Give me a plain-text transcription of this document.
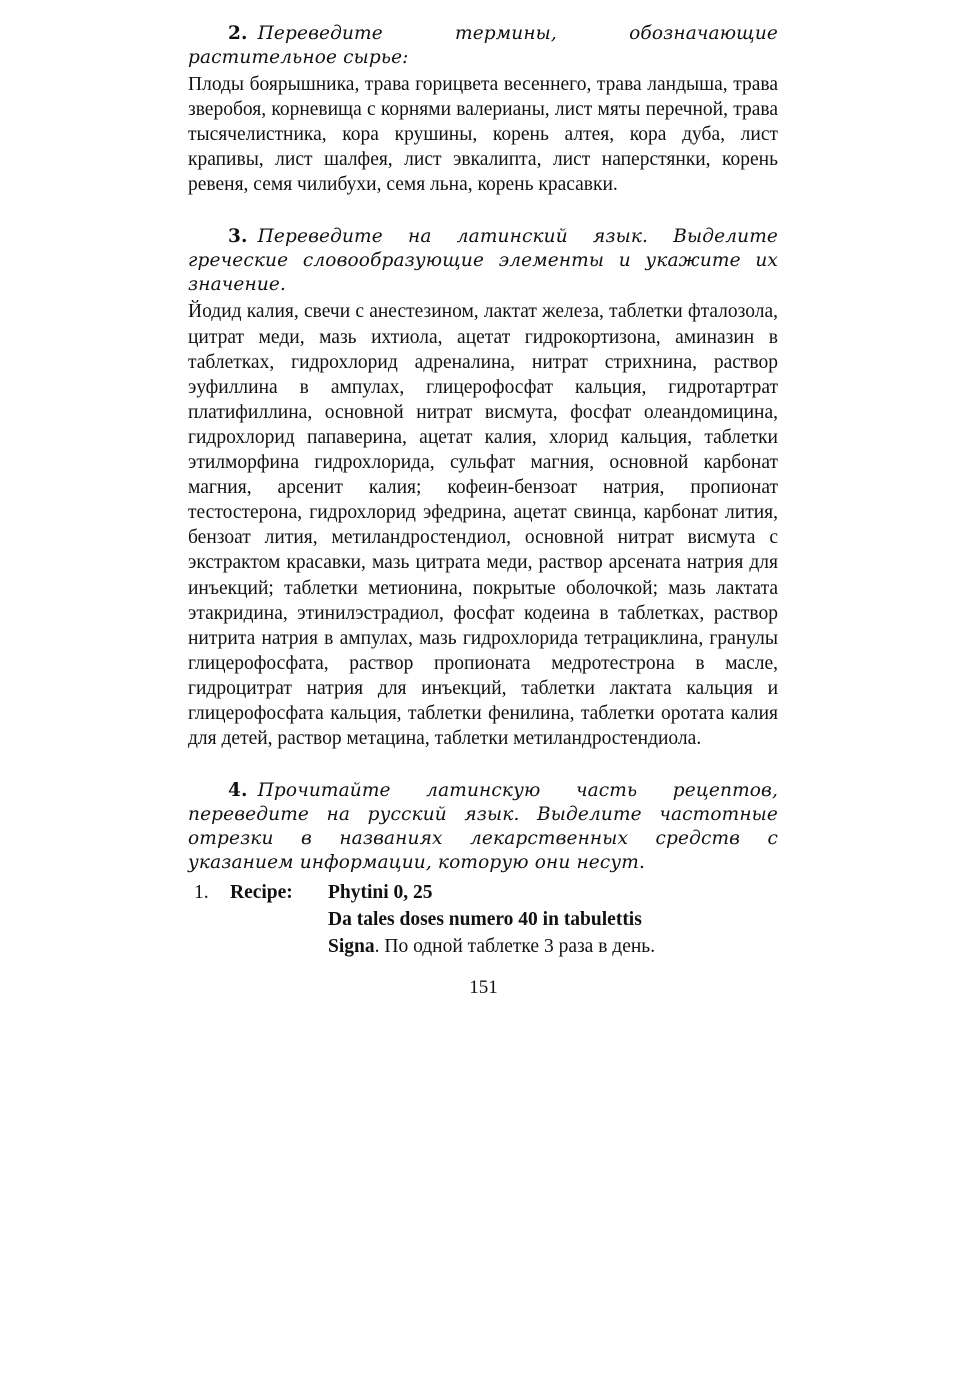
2. Переведите термины, обозначающие растительное сырье:

Плоды боярышника, трава горицвета весеннего, трава ландыша, трава зверобоя, корневища с корнями валерианы, лист мяты перечной, трава тысячелистника, кора крушины, корень алтея, кора дуба, лист крапивы, лист шалфея, лист эвкалипта, лист наперстянки, корень ревеня, семя чилибухи, семя льна, корень красавки.

3. Переведите на латинский язык. Выделите греческие словообразующие элементы и укажите их значение.

Йодид калия, свечи с анестезином, лактат железа, таблетки фталозола, цитрат меди, мазь ихтиола, ацетат гидрокортизона, аминазин в таблетках, гидрохлорид адреналина, нитрат стрихнина, раствор эуфиллина в ампулах, глицерофосфат кальция, гидротартрат платифиллина, основной нитрат висмута, фосфат олеандомицина, гидрохлорид папаверина, ацетат калия, хлорид кальция, таблетки этилморфина гидрохлорида, сульфат магния, основной карбонат магния, арсенит калия; кофеин-бензоат натрия, пропионат тестостерона, гидрохлорид эфедрина, ацетат свинца, карбонат лития, бензоат лития, метиландростендиол, основной нитрат висмута с экстрактом красавки, мазь цитрата меди, раствор арсената натрия для инъекций; таблетки метионина, покрытые оболочкой; мазь лактата этакридина, этинилэстрадиол, фосфат кодеина в таблетках, раствор нитрита натрия в ампулах, мазь гидрохлорида тетрациклина, гранулы глицерофосфата, раствор пропионата медротестрона в масле, гидроцитрат натрия для инъекций, таблетки лактата кальция и глицерофосфата кальция, таблетки фенилина, таблетки оротата калия для детей, раствор метацина, таблетки метиландростендиола.

4. Прочитайте латинскую часть рецептов, переведите на русский язык. Выделите частотные отрезки в названиях лекарственных средств с указанием информации, которую они несут.

1. Recipe: Phytini 0, 25
Da tales doses numero 40 in tabulettis
Signa. По одной таблетке 3 раза в день.
151
